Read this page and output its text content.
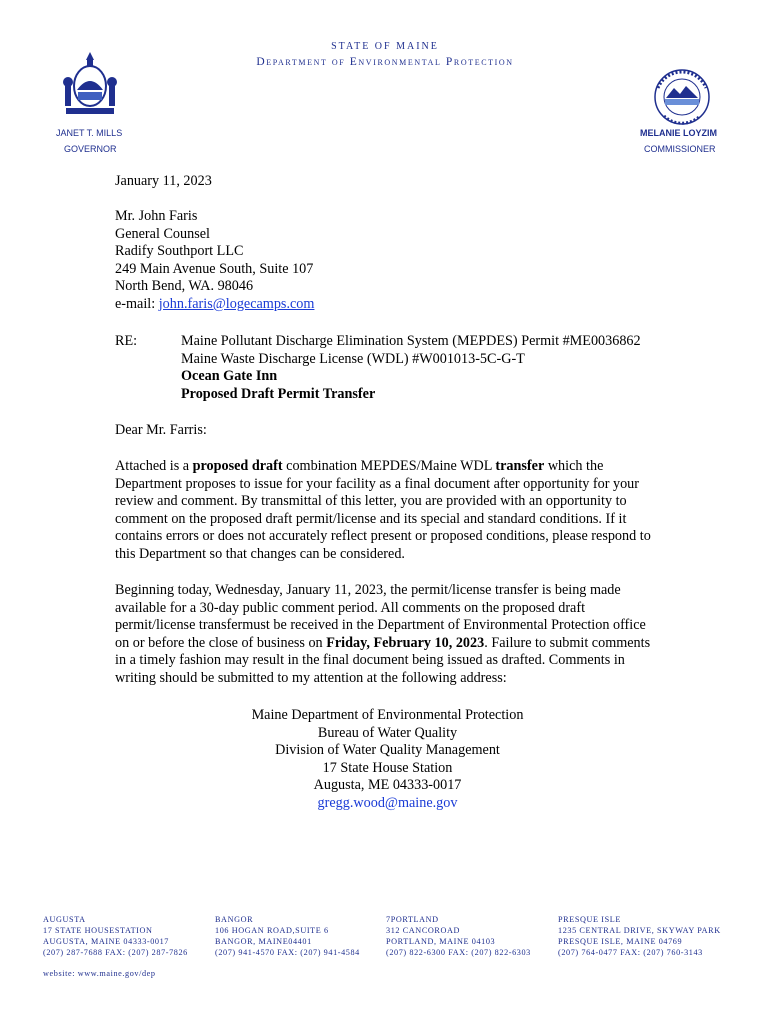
STATE OF MAINE
Department of Environmental Protection
JANET T. MILLS
GOVERNOR
MELANIE LOYZIM
COMMISSIONER
January 11, 2023
Mr. John Faris
General Counsel
Radify Southport LLC
249 Main Avenue South, Suite 107
North Bend, WA. 98046
e-mail: john.faris@logecamps.com
RE:	Maine Pollutant Discharge Elimination System (MEPDES) Permit #ME0036862
Maine Waste Discharge License (WDL) #W001013-5C-G-T
Ocean Gate Inn
Proposed Draft Permit Transfer
Dear Mr. Farris:
Attached is a proposed draft combination MEPDES/Maine WDL transfer which the
Department proposes to issue for your facility as a final document after opportunity for your
review and comment. By transmittal of this letter, you are provided with an opportunity to
comment on the proposed draft permit/license and its special and standard conditions. If it
contains errors or does not accurately reflect present or proposed conditions, please respond to
this Department so that changes can be considered.
Beginning today, Wednesday, January 11, 2023, the permit/license transfer is being made
available for a 30-day public comment period. All comments on the proposed draft
permit/license transfermust be received in the Department of Environmental Protection office
on or before the close of business on Friday, February 10, 2023. Failure to submit comments
in a timely fashion may result in the final document being issued as drafted. Comments in
writing should be submitted to my attention at the following address:
Maine Department of Environmental Protection
Bureau of Water Quality
Division of Water Quality Management
17 State House Station
Augusta, ME 04333-0017
gregg.wood@maine.gov
AUGUSTA
17 STATE HOUSESTATION
AUGUSTA, MAINE 04333-0017
(207) 287-7688 FAX: (207) 287-7826
BANGOR
106 HOGAN ROAD,SUITE 6
BANGOR, MAINE04401
(207) 941-4570 FAX: (207) 941-4584
7PORTLAND
312 CANCOROAD
PORTLAND, MAINE 04103
(207) 822-6300 FAX: (207) 822-6303
PRESQUE ISLE
1235 CENTRAL DRIVE, SKYWAY PARK
PRESQUE ISLE, MAINE 04769
(207) 764-0477 FAX: (207) 760-3143
website: www.maine.gov/dep
